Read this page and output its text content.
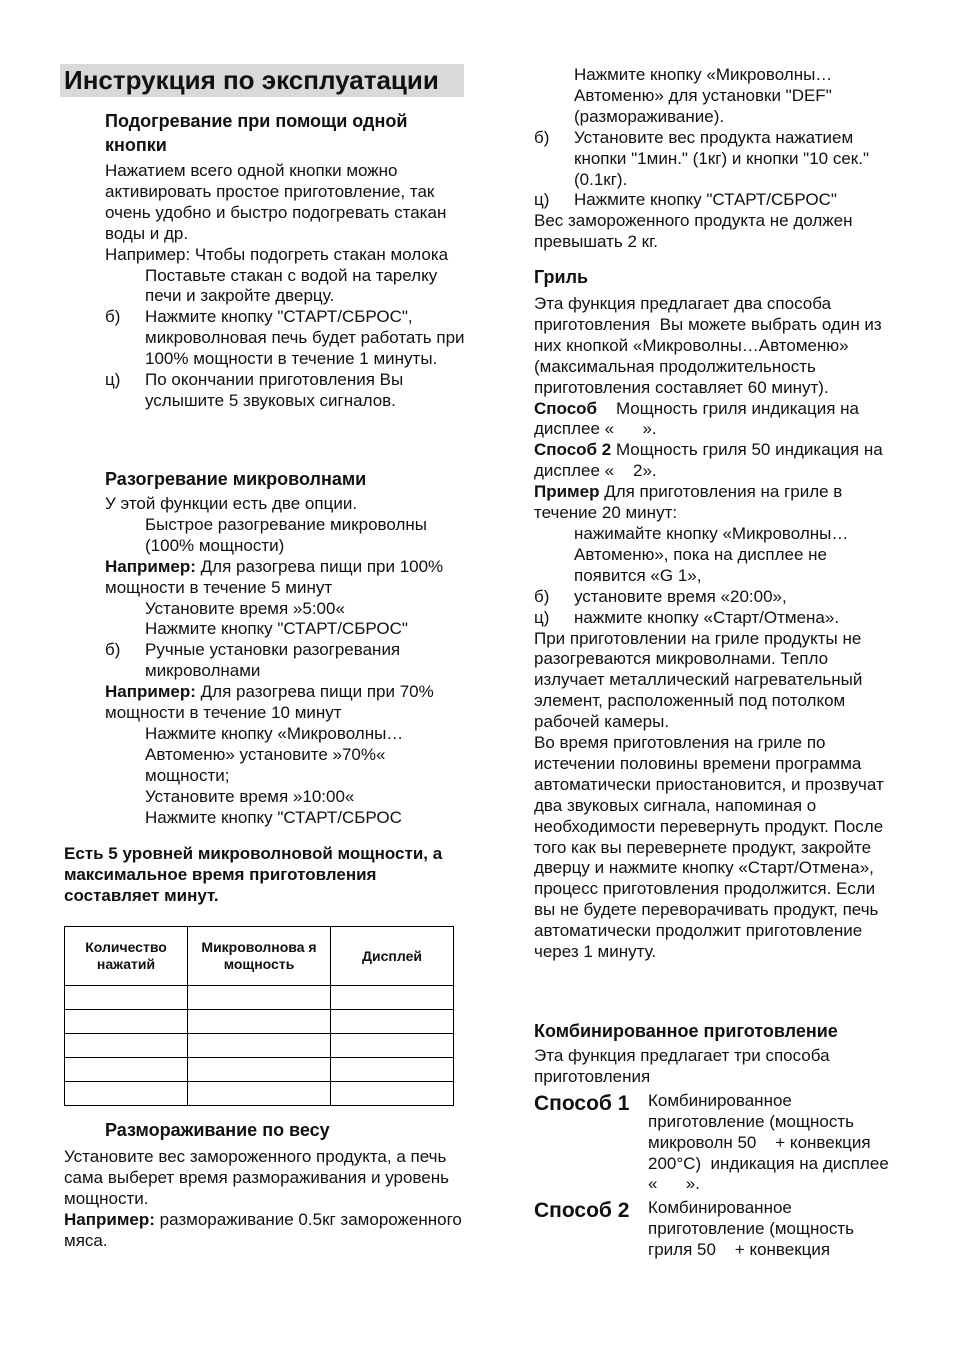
Инструкция по эксплуатации
Подогревание при помощи одной кнопки

Нажатием всего одной кнопки можно активировать простое приготовление, так очень удобно и быстро подогревать стакан воды и др.

Например: Чтобы подогреть стакан молока

Поставьте стакан с водой на тарелку печи и закройте дверцу.

б) Нажмите кнопку "СТАРТ/СБРОС", микроволновая печь будет работать при 100% мощности в течение 1 минуты.
ц) По окончании приготовления Вы услышите 5 звуковых сигналов.
Разогревание микроволнами

У этой функции есть две опции.

Быстрое разогревание микроволны (100% мощности)

Например: Для разогрева пищи при 100% мощности в течение 5 минут

Установите время »5:00«

Нажмите кнопку "СТАРТ/СБРОС"

б) Ручные установки разогревания микроволнами

Например: Для разогрева пищи при 70% мощности в течение 10 минут

Нажмите кнопку «Микроволны…Автоменю» установите »70%« мощности;

Установите время »10:00«

Нажмите кнопку "СТАРТ/СБРОС

Есть 5 уровней микроволновой мощности, а максимальное время приготовления составляет минут.

Количество нажатий	Микроволнова я мощность	Дисплей

Размораживание по весу

Установите вес замороженного продукта, а печь сама выберет время размораживания и уровень мощности.

Например: размораживание 0.5кг замороженного мяса.

Нажмите кнопку «Микроволны…Автоменю» для установки "DEF" (размораживание).

б) Установите вес продукта нажатием кнопки "1мин." (1кг) и кнопки "10 сек." (0.1кг).
ц) Нажмите кнопку "СТАРТ/СБРОС"

Вес замороженного продукта не должен превышать 2 кг.

Гриль

Эта функция предлагает два способа приготовления  Вы можете выбрать один из них кнопкой «Микроволны…Автоменю» (максимальная продолжительность приготовления составляет 60 минут).

Способ    Мощность гриля индикация на дисплее «      ».

Способ 2 Мощность гриля 50 индикация на дисплее «    2».

Пример Для приготовления на гриле в течение 20 минут:

нажимайте кнопку «Микроволны…Автоменю», пока на дисплее не появится «G 1»,

б) установите время «20:00»,
ц) нажмите кнопку «Старт/Отмена».

При приготовлении на гриле продукты не разогреваются микроволнами. Тепло излучает металлический нагревательный элемент, расположенный под потолком рабочей камеры.

Во время приготовления на гриле по истечении половины времени программа автоматически приостановится, и прозвучат два звуковых сигнала, напоминая о необходимости перевернуть продукт. После того как вы перевернете продукт, закройте дверцу и нажмите кнопку «Старт/Отмена», процесс приготовления продолжится. Если вы не будете переворачивать продукт, печь автоматически продолжит приготовление через 1 минуту.

Комбинированное приготовление

Эта функция предлагает три способа приготовления

Способ 1	Комбинированное приготовление (мощность микроволн 50    + конвекция 200°С)  индикация на дисплее «      ».
Способ 2	Комбинированное приготовление (мощность гриля 50    + конвекция
